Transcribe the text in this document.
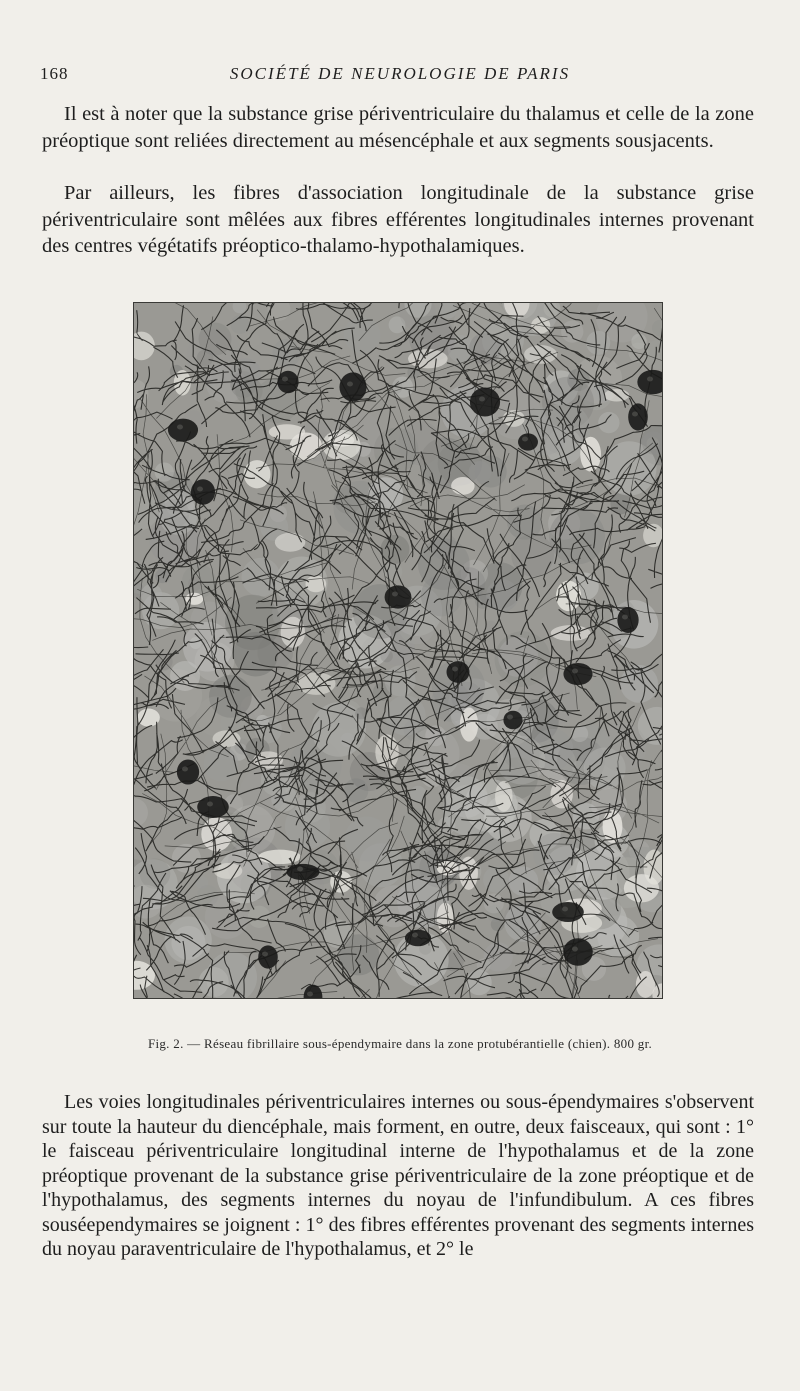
168	SOCIÉTÉ DE NEUROLOGIE DE PARIS

Il est à noter que la substance grise périventriculaire du thalamus et celle de la zone préoptique sont reliées directement au mésencéphale et aux segments sousjacents.

Par ailleurs, les fibres d'association longitudinale de la substance grise périventriculaire sont mêlées aux fibres efférentes longitudinales internes provenant des centres végétatifs préoptico-thalamo-hypothalamiques.

Fig. 2. — Réseau fibrillaire sous-épendymaire dans la zone protubérantielle (chien). 800 gr.

Les voies longitudinales périventriculaires internes ou sous-épendymaires s'observent sur toute la hauteur du diencéphale, mais forment, en outre, deux faisceaux, qui sont : 1° le faisceau périventriculaire longitudinal interne de l'hypothalamus et de la zone préoptique provenant de la substance grise périventriculaire de la zone préoptique et de l'hypothalamus, des segments internes du noyau de l'infundibulum. A ces fibres souséependymaires se joignent : 1° des fibres efférentes provenant des segments internes du noyau paraventriculaire de l'hypothalamus, et 2° le
